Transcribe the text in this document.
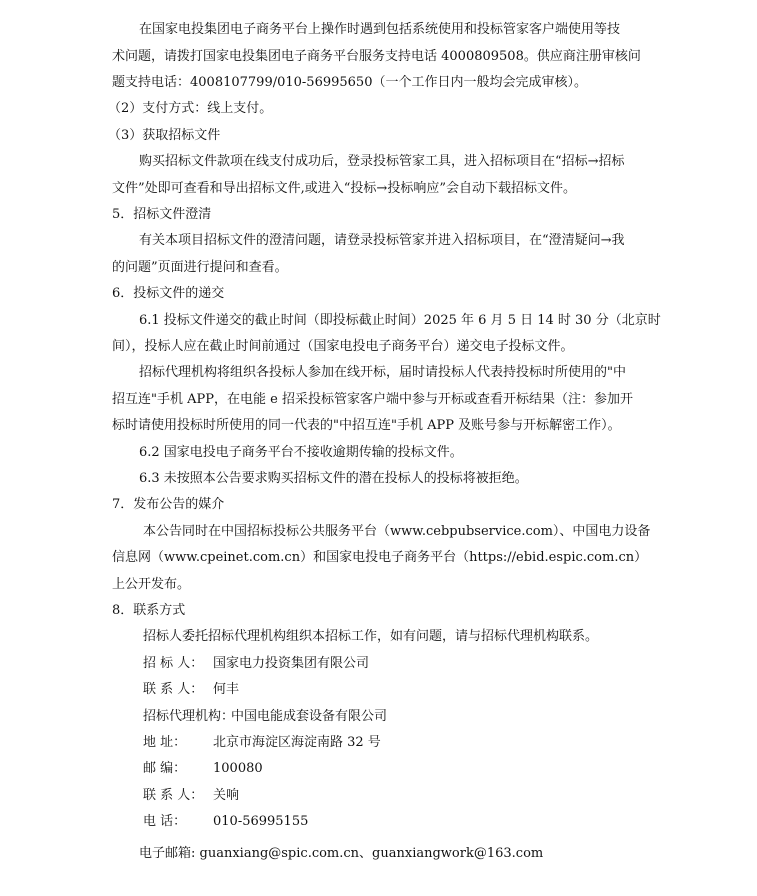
在国家电投集团电子商务平台上操作时遇到包括系统使用和投标管家客户端使用等技
术问题，请拨打国家电投集团电子商务平台服务支持电话 4000809508。供应商注册审核问
题支持电话：4008107799/010-56995650（一个工作日内一般均会完成审核）。
（2）支付方式：线上支付。
（3）获取招标文件
购买招标文件款项在线支付成功后，登录投标管家工具，进入招标项目在“招标→招标
文件”处即可查看和导出招标文件,或进入“投标→投标响应”会自动下载招标文件。
5．招标文件澄清
有关本项目招标文件的澄清问题，请登录投标管家并进入招标项目，在“澄清疑问→我
的问题”页面进行提问和查看。
6．投标文件的递交
6.1 投标文件递交的截止时间（即投标截止时间）2025 年 6 月 5 日 14 时 30 分（北京时
间），投标人应在截止时间前通过（国家电投电子商务平台）递交电子投标文件。
招标代理机构将组织各投标人参加在线开标，届时请投标人代表持投标时所使用的"中
招互连"手机 APP，在电能 e 招采投标管家客户端中参与开标或查看开标结果（注：参加开
标时请使用投标时所使用的同一代表的"中招互连"手机 APP 及账号参与开标解密工作）。
6.2 国家电投电子商务平台不接收逾期传输的投标文件。
6.3 未按照本公告要求购买招标文件的潜在投标人的投标将被拒绝。
7．发布公告的媒介
本公告同时在中国招标投标公共服务平台（www.cebpubservice.com）、中国电力设备
信息网（www.cpeinet.com.cn）和国家电投电子商务平台（https://ebid.espic.com.cn）
上公开发布。
8．联系方式
招标人委托招标代理机构组织本招标工作，如有问题，请与招标代理机构联系。
招 标 人： 国家电力投资集团有限公司
联 系 人： 何丰
招标代理机构：
中国电能成套设备有限公司
地 址：	北京市海淀区海淀南路 32 号
邮 编：	100080
联 系 人： 关响
电 话：	010-56995155
电子邮箱: guanxiang@spic.com.cn、guanxiangwork@163.com
